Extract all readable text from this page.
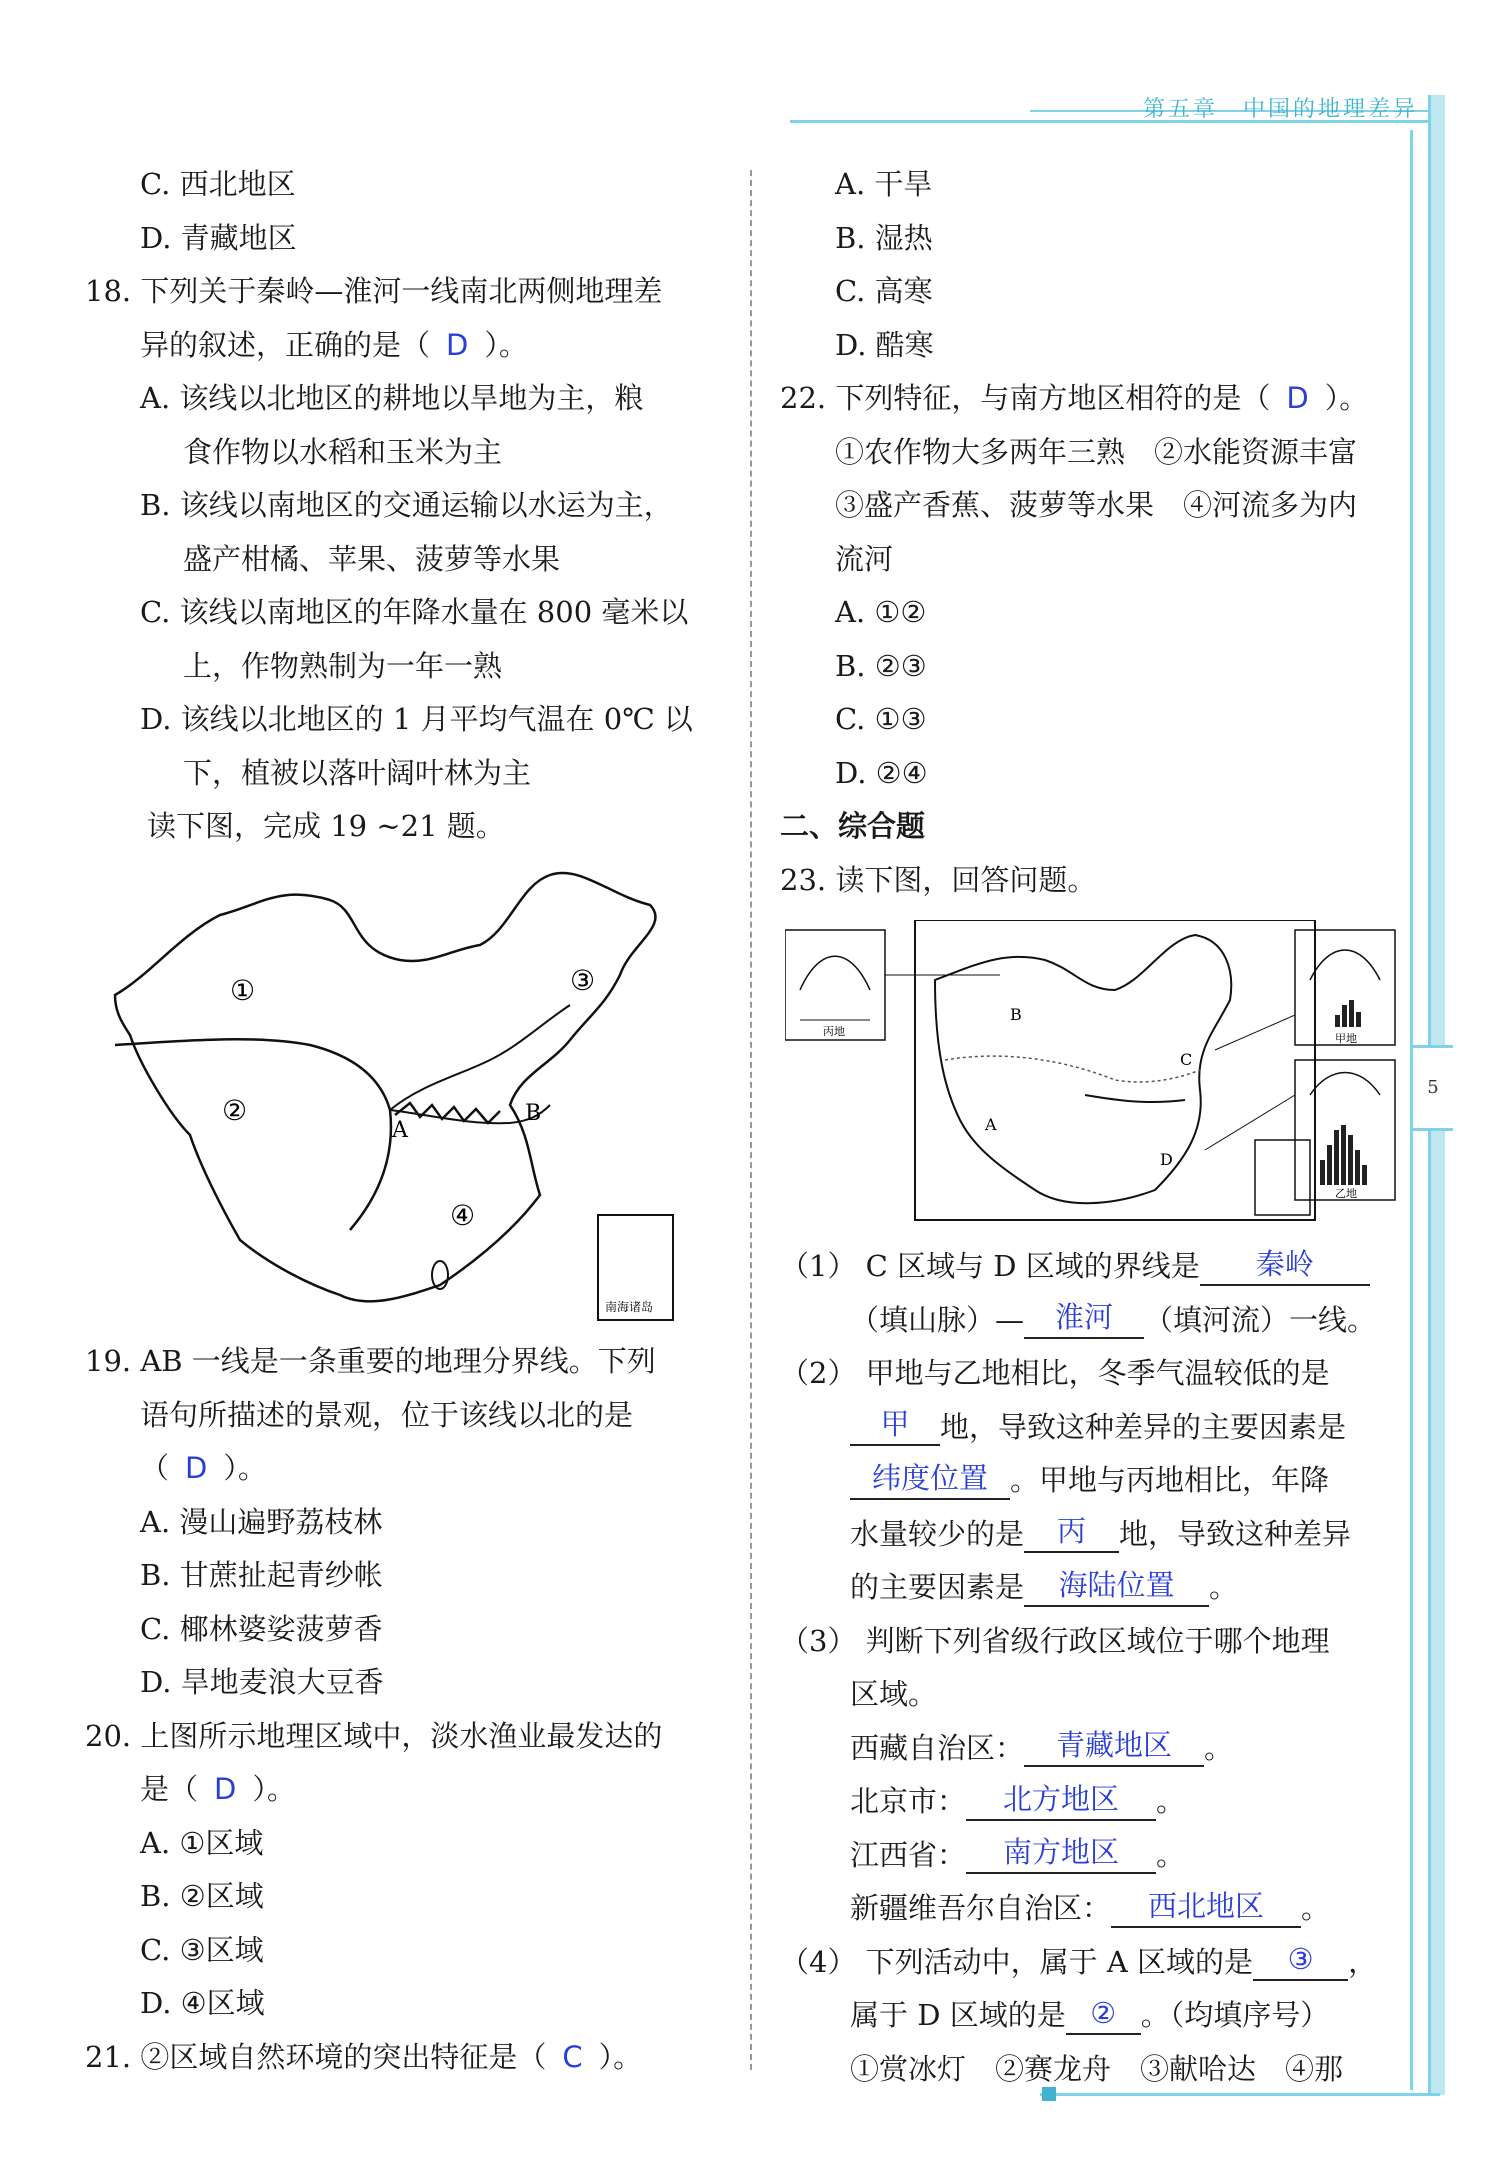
第五章　中国的地理差异
5
C. 西北地区
D. 青藏地区
18. 下列关于秦岭—淮河一线南北两侧地理差
异的叙述，正确的是（ D ）。
A. 该线以北地区的耕地以旱地为主，粮
食作物以水稻和玉米为主
B. 该线以南地区的交通运输以水运为主，
盛产柑橘、苹果、菠萝等水果
C. 该线以南地区的年降水量在 800 毫米以
上，作物熟制为一年一熟
D. 该线以北地区的 1 月平均气温在 0℃ 以
下，植被以落叶阔叶林为主
读下图，完成 19 ~21 题。
①
②
③
④
A
B
南海诸岛
19. AB 一线是一条重要的地理分界线。下列
语句所描述的景观，位于该线以北的是
（ D ）。
A. 漫山遍野荔枝林
B. 甘蔗扯起青纱帐
C. 椰林婆娑菠萝香
D. 旱地麦浪大豆香
20. 上图所示地理区域中，淡水渔业最发达的
是（ D ）。
A. ①区域
B. ②区域
C. ③区域
D. ④区域
21. ②区域自然环境的突出特征是（ C ）。
A. 干旱
B. 湿热
C. 高寒
D. 酷寒
22. 下列特征，与南方地区相符的是（ D ）。
①农作物大多两年三熟　②水能资源丰富
③盛产香蕉、菠萝等水果　④河流多为内
流河
A. ①②
B. ②③
C. ①③
D. ②④
二、综合题
23. 读下图，回答问题。
丙地
B
A
C
D
甲地
乙地
（1） C 区域与 D 区域的界线是 秦岭
（填山脉）— 淮河 （填河流）一线。
（2） 甲地与乙地相比，冬季气温较低的是
甲 地，导致这种差异的主要因素是
纬度位置 。甲地与丙地相比，年降
水量较少的是 丙 地，导致这种差异
的主要因素是 海陆位置 。
（3） 判断下列省级行政区域位于哪个地理
区域。
西藏自治区： 青藏地区 。
北京市： 北方地区 。
江西省： 南方地区 。
新疆维吾尔自治区： 西北地区 。
（4） 下列活动中，属于 A 区域的是 ③ ，
属于 D 区域的是 ② 。（均填序号）
①赏冰灯　②赛龙舟　③献哈达　④那
